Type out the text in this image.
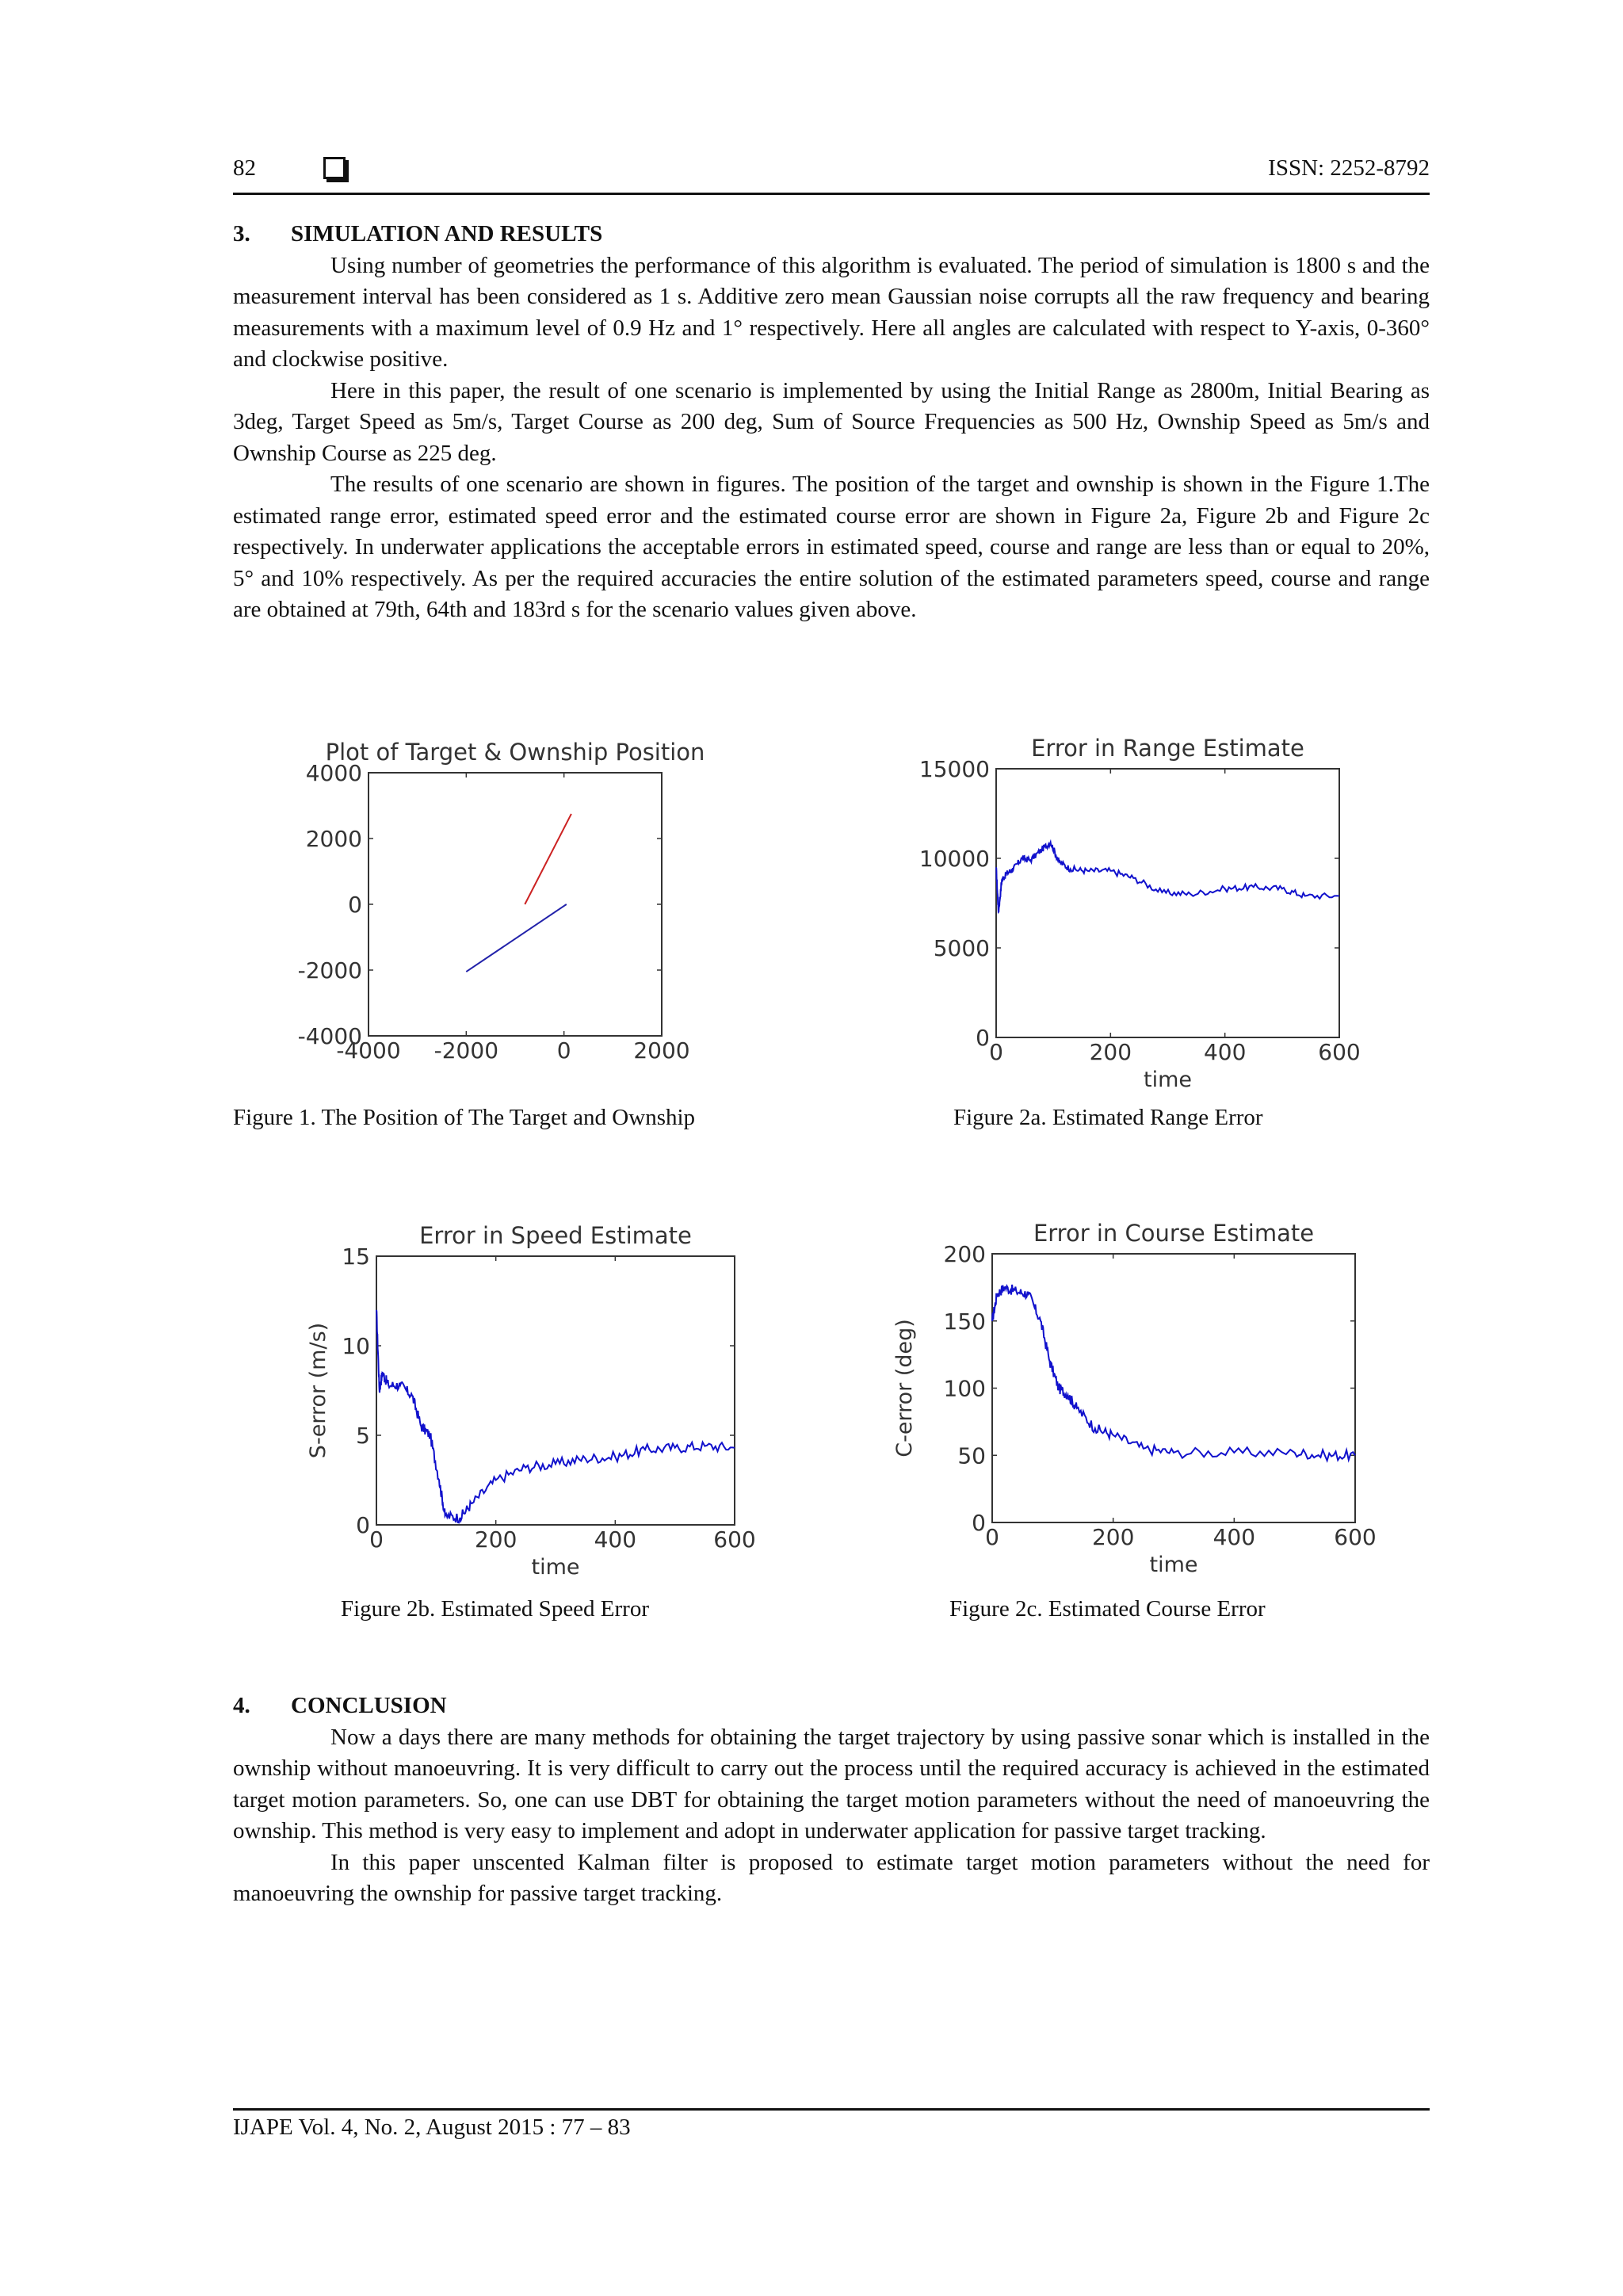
82	ISSN: 2252-8792
3. SIMULATION AND RESULTS

Using number of geometries the performance of this algorithm is evaluated. The period of simulation is 1800 s and the measurement interval has been considered as 1 s. Additive zero mean Gaussian noise corrupts all the raw frequency and bearing measurements with a maximum level of 0.9 Hz and 1° respectively. Here all angles are calculated with respect to Y-axis, 0-360° and clockwise positive.

Here in this paper, the result of one scenario is implemented by using the Initial Range as 2800m, Initial Bearing as 3deg, Target Speed as 5m/s, Target Course as 200 deg, Sum of Source Frequencies as 500 Hz, Ownship Speed as 5m/s and Ownship Course as 225 deg.

The results of one scenario are shown in figures. The position of the target and ownship is shown in the Figure 1.The estimated range error, estimated speed error and the estimated course error are shown in Figure 2a, Figure 2b and Figure 2c respectively. In underwater applications the acceptable errors in estimated speed, course and range are less than or equal to 20%, 5° and 10% respectively. As per the required accuracies the entire solution of the estimated parameters speed, course and range are obtained at 79th, 64th and 183rd s for the scenario values given above.

Plot of Target & Ownship Position
-4000 -2000	0	2000
4000
2000
0
-2000
-4000
Error in Range Estimate
0	200	400	600
15000
10000
5000
0
time
Error in Speed Estimate
0	200	400	600
15
10
5
0
time
S-error (m/s)
Error in Course Estimate
0	200	400	600
200
150
100
50
0
time
C-error (deg)
Figure 1. The Position of The Target and Ownship	Figure 2a. Estimated Range Error
Figure 2b. Estimated Speed Error	Figure 2c. Estimated Course Error
4. CONCLUSION

Now a days there are many methods for obtaining the target trajectory by using passive sonar which is installed in the ownship without manoeuvring. It is very difficult to carry out the process until the required accuracy is achieved in the estimated target motion parameters. So, one can use DBT for obtaining the target motion parameters without the need of manoeuvring the ownship. This method is very easy to implement and adopt in underwater application for passive target tracking.

In this paper unscented Kalman filter is proposed to estimate target motion parameters without the need for manoeuvring the ownship for passive target tracking.

IJAPE Vol. 4, No. 2, August 2015 : 77 – 83
